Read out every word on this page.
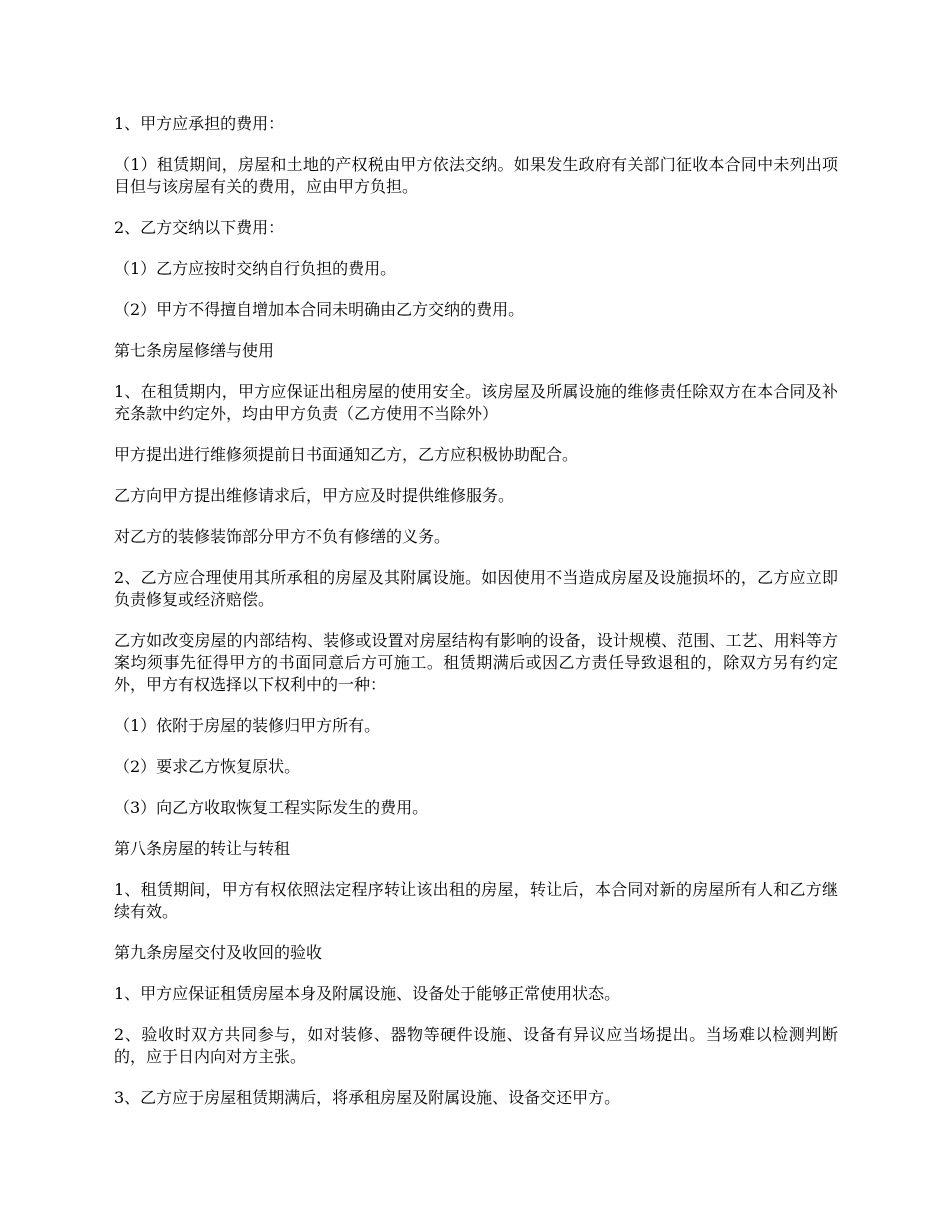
1、甲方应承担的费用：

（1）租赁期间，房屋和土地的产权税由甲方依法交纳。如果发生政府有关部门征收本合同中未列出项目但与该房屋有关的费用，应由甲方负担。

2、乙方交纳以下费用：

（1）乙方应按时交纳自行负担的费用。

（2）甲方不得擅自增加本合同未明确由乙方交纳的费用。

第七条房屋修缮与使用

1、在租赁期内，甲方应保证出租房屋的使用安全。该房屋及所属设施的维修责任除双方在本合同及补充条款中约定外，均由甲方负责（乙方使用不当除外）

甲方提出进行维修须提前日书面通知乙方，乙方应积极协助配合。

乙方向甲方提出维修请求后，甲方应及时提供维修服务。

对乙方的装修装饰部分甲方不负有修缮的义务。

2、乙方应合理使用其所承租的房屋及其附属设施。如因使用不当造成房屋及设施损坏的，乙方应立即负责修复或经济赔偿。

乙方如改变房屋的内部结构、装修或设置对房屋结构有影响的设备，设计规模、范围、工艺、用料等方案均须事先征得甲方的书面同意后方可施工。租赁期满后或因乙方责任导致退租的，除双方另有约定外，甲方有权选择以下权利中的一种：

（1）依附于房屋的装修归甲方所有。

（2）要求乙方恢复原状。

（3）向乙方收取恢复工程实际发生的费用。

第八条房屋的转让与转租

1、租赁期间，甲方有权依照法定程序转让该出租的房屋，转让后，本合同对新的房屋所有人和乙方继续有效。

第九条房屋交付及收回的验收

1、甲方应保证租赁房屋本身及附属设施、设备处于能够正常使用状态。

2、验收时双方共同参与，如对装修、器物等硬件设施、设备有异议应当场提出。当场难以检测判断的，应于日内向对方主张。

3、乙方应于房屋租赁期满后，将承租房屋及附属设施、设备交还甲方。
